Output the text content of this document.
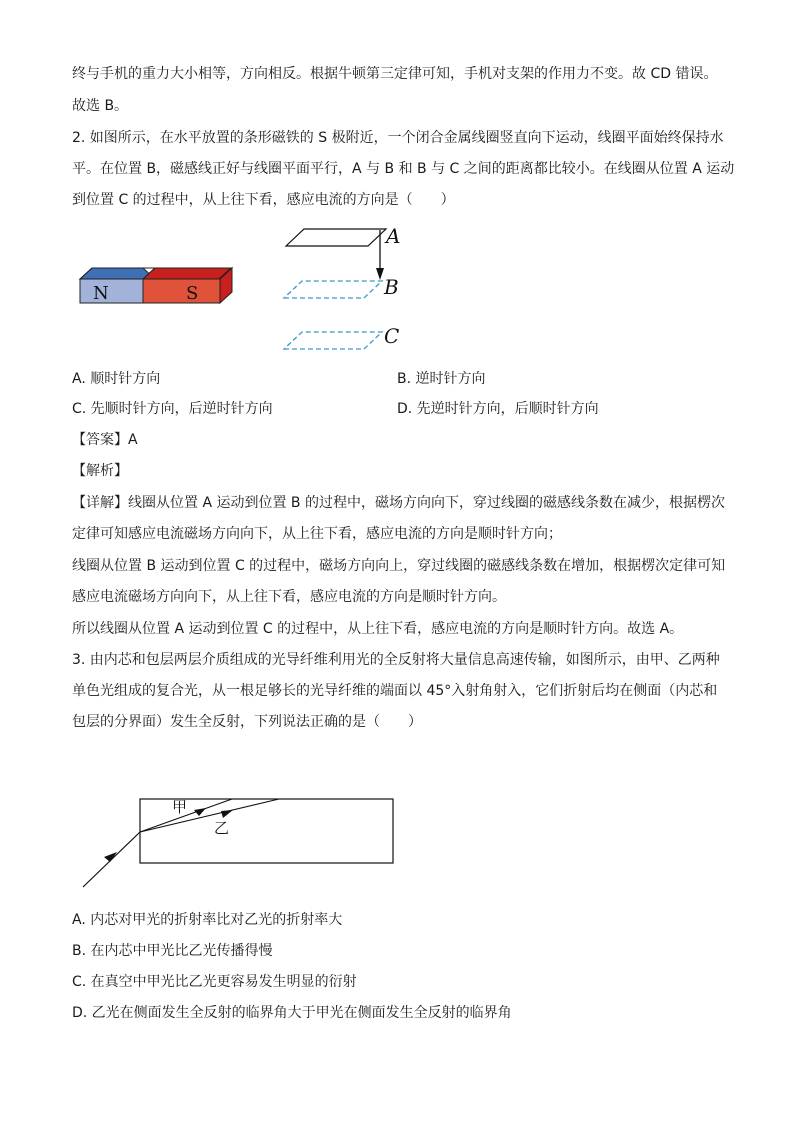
终与手机的重力大小相等，方向相反。根据牛顿第三定律可知，手机对支架的作用力不变。故 CD 错误。
故选 B。
2. 如图所示，在水平放置的条形磁铁的 S 极附近，一个闭合金属线圈竖直向下运动，线圈平面始终保持水
平。在位置 B，磁感线正好与线圈平面平行，A 与 B 和 B 与 C 之间的距离都比较小。在线圈从位置 A 运动
到位置 C 的过程中，从上往下看，感应电流的方向是（　　）
N	S
A
B
C
A. 顺时针方向	B. 逆时针方向
C. 先顺时针方向，后逆时针方向	D. 先逆时针方向，后顺时针方向
【答案】A
【解析】
【详解】线圈从位置 A 运动到位置 B 的过程中，磁场方向向下，穿过线圈的磁感线条数在减少，根据楞次
定律可知感应电流磁场方向向下，从上往下看，感应电流的方向是顺时针方向；
线圈从位置 B 运动到位置 C 的过程中，磁场方向向上，穿过线圈的磁感线条数在增加，根据楞次定律可知
感应电流磁场方向向下，从上往下看，感应电流的方向是顺时针方向。
所以线圈从位置 A 运动到位置 C 的过程中，从上往下看，感应电流的方向是顺时针方向。故选 A。
3. 由内芯和包层两层介质组成的光导纤维利用光的全反射将大量信息高速传输，如图所示，由甲、乙两种
单色光组成的复合光，从一根足够长的光导纤维的端面以 45°入射角射入，它们折射后均在侧面（内芯和
包层的分界面）发生全反射，下列说法正确的是（　　）
甲
乙
A. 内芯对甲光的折射率比对乙光的折射率大
B. 在内芯中甲光比乙光传播得慢
C. 在真空中甲光比乙光更容易发生明显的衍射
D. 乙光在侧面发生全反射的临界角大于甲光在侧面发生全反射的临界角
